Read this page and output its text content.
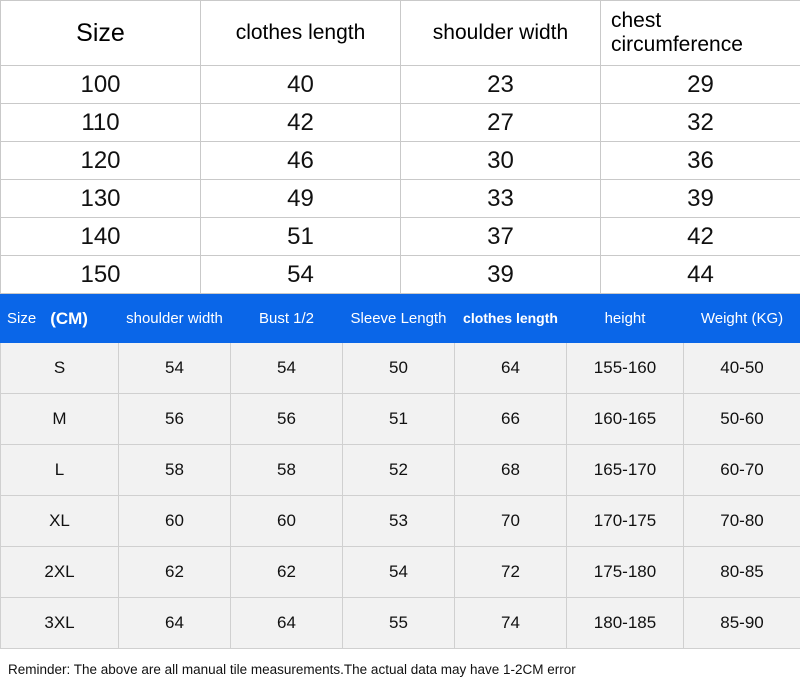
Size	clothes length	shoulder width	chest circumference
100	40	23	29
110	42	27	32
120	46	30	36
130	49	33	39
140	51	37	42
150	54	39	44
Size (CM)	shoulder width	Bust 1/2	Sleeve Length	clothes length	height	Weight (KG)
S	54	54	50	64	155-160	40-50
M	56	56	51	66	160-165	50-60
L	58	58	52	68	165-170	60-70
XL	60	60	53	70	170-175	70-80
2XL	62	62	54	72	175-180	80-85
3XL	64	64	55	74	180-185	85-90
Reminder: The above are all manual tile measurements.The actual data may have 1-2CM error
